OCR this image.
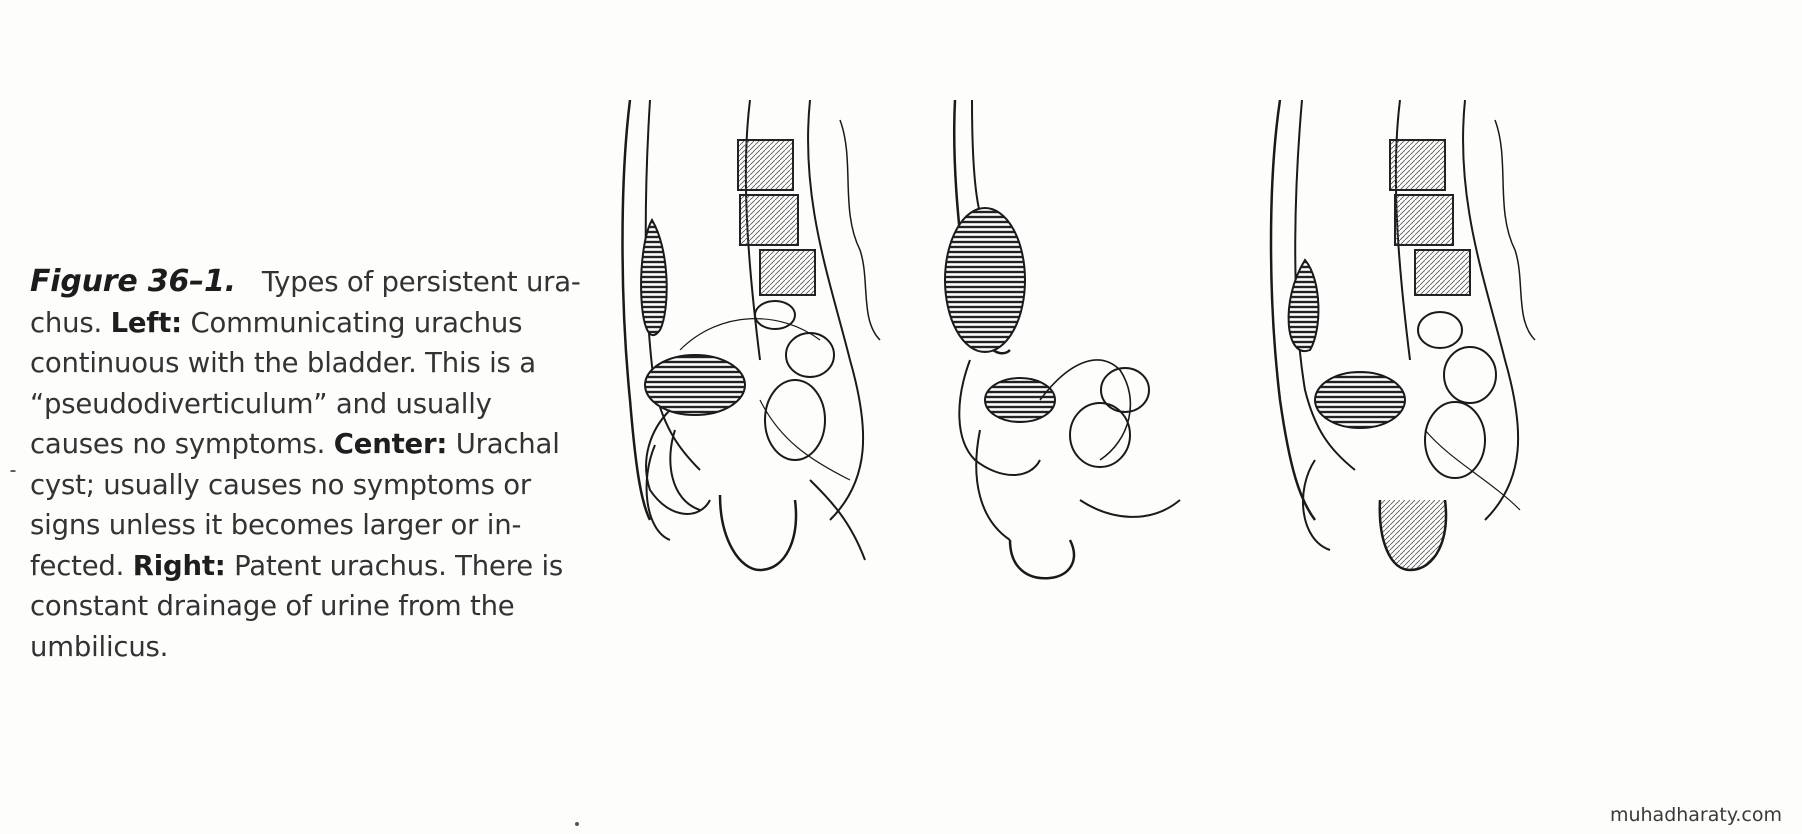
Figure 36–1. Types of persistent ura-
chus. Left: Communicating urachus
continuous with the bladder. This is a
“pseudodiverticulum” and usually
causes no symptoms. Center: Urachal
cyst; usually causes no symptoms or
signs unless it becomes larger or in-
fected. Right: Patent urachus. There is
constant drainage of urine from the
umbilicus.
muhadharaty.com
